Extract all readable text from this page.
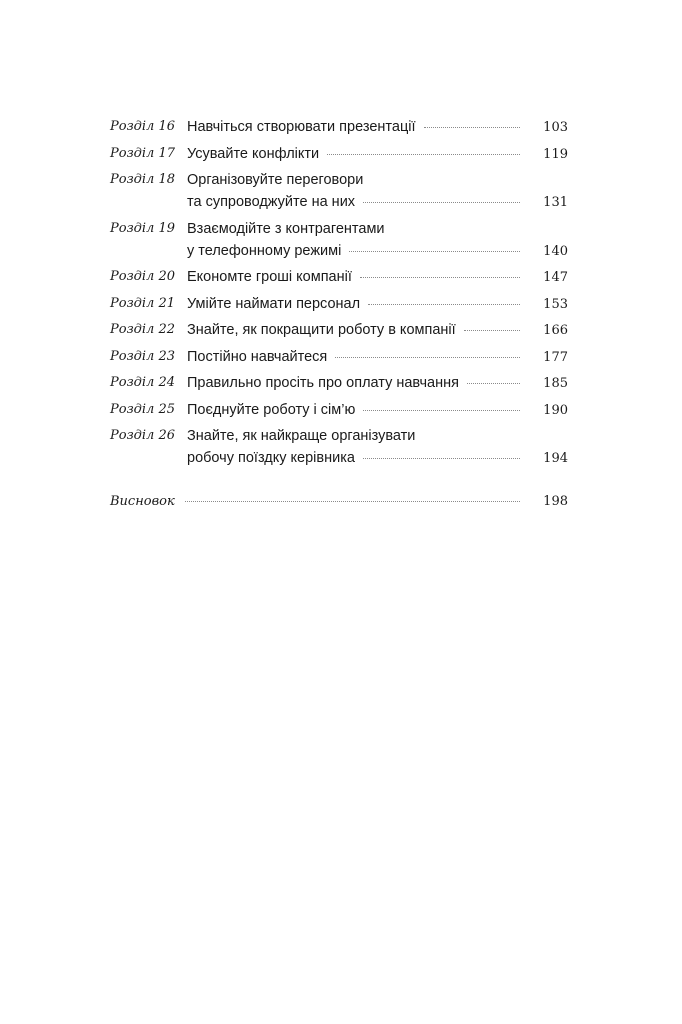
Розділ 16 Навчіться створювати презентації	103
Розділ 17 Усувайте конфлікти	119
Розділ 18 Організовуйте переговори
та супроводжуйте на них	131
Розділ 19 Взаємодійте з контрагентами
у телефонному режимі	140
Розділ 20 Економте гроші компанії	147
Розділ 21 Умійте наймати персонал	153
Розділ 22 Знайте, як покращити роботу в компанії	166
Розділ 23 Постійно навчайтеся	177
Розділ 24 Правильно просіть про оплату навчання	185
Розділ 25 Поєднуйте роботу і сім’ю	190
Розділ 26 Знайте, як найкраще організувати
робочу поїздку керівника	194
Висновок	198
